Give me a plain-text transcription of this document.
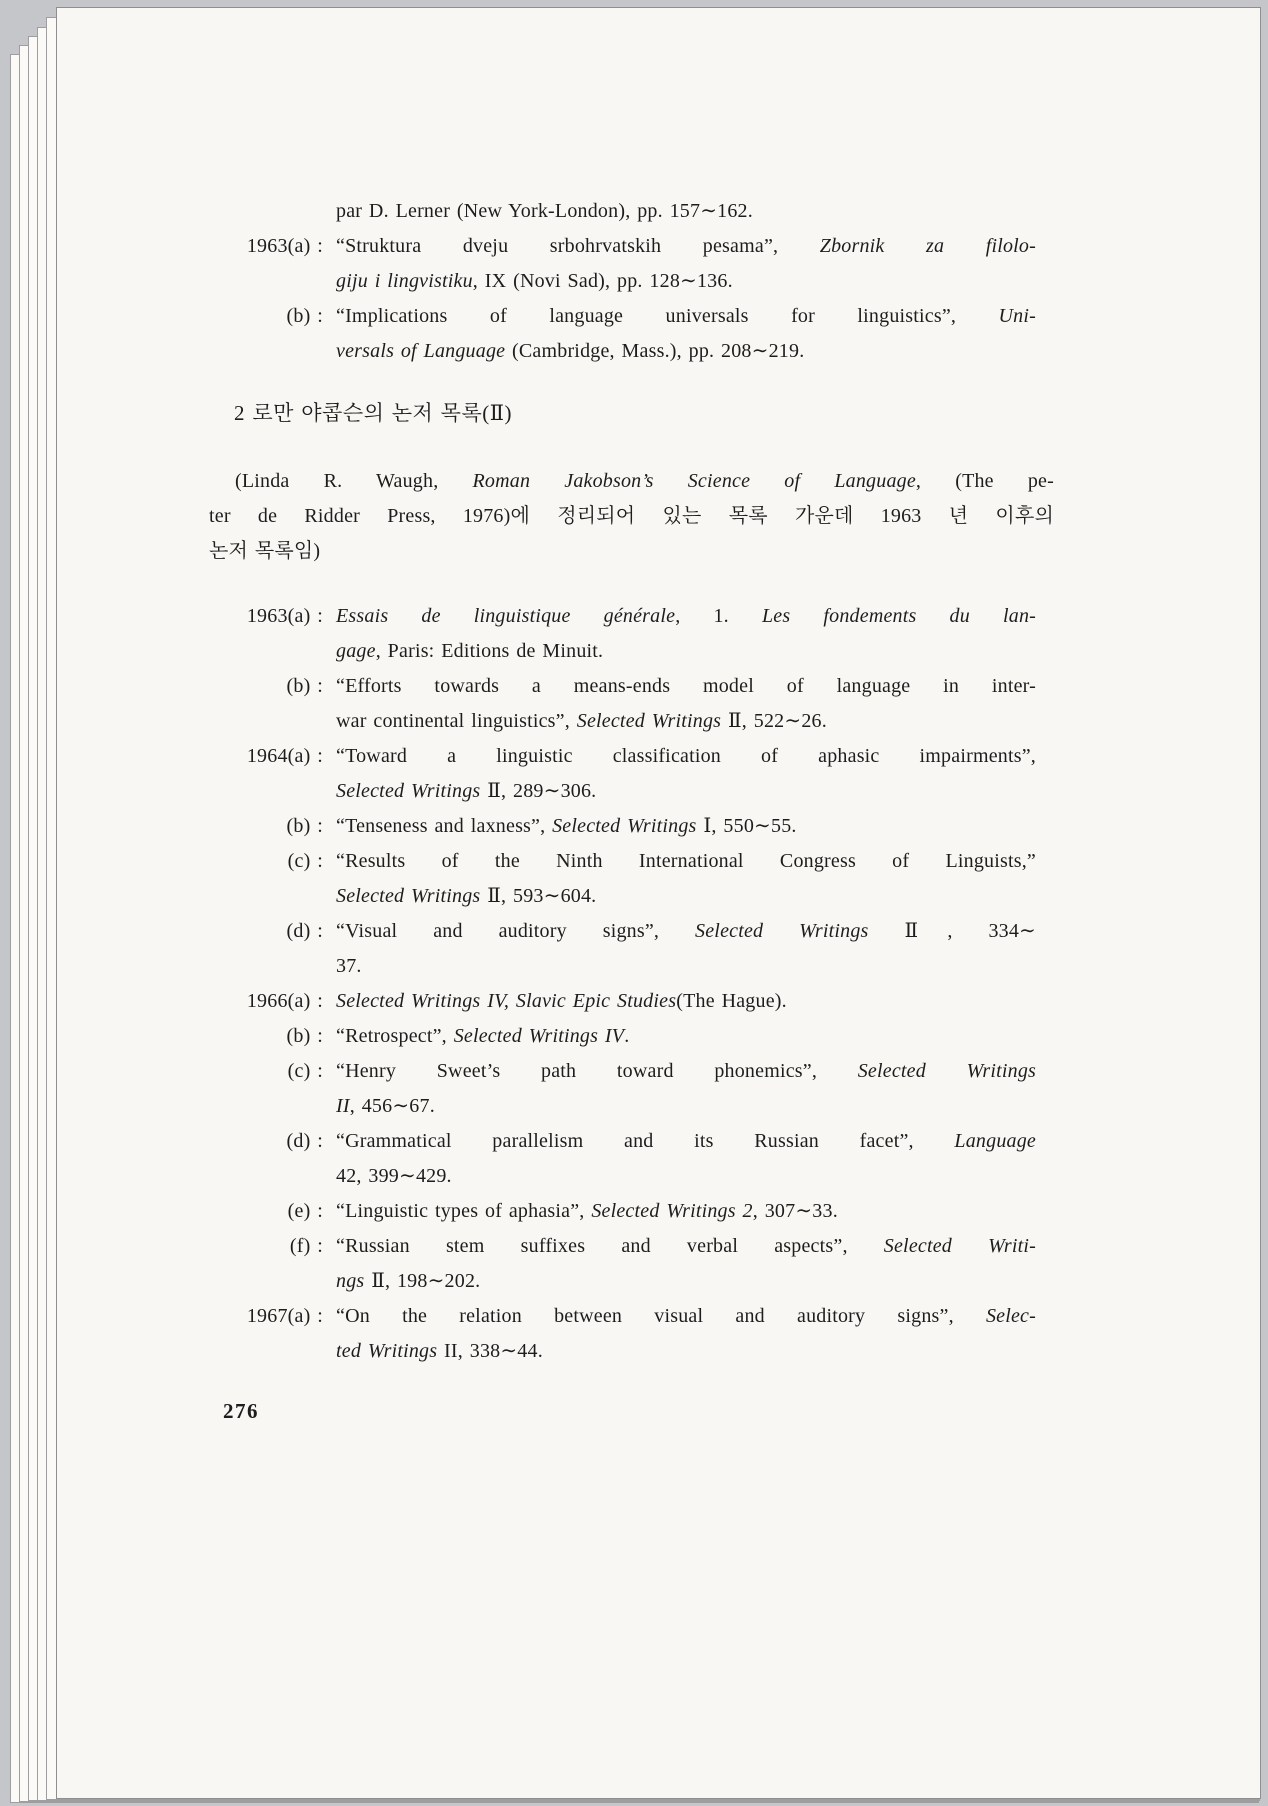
par D. Lerner (New York-London), pp. 157∼162.
1963(a) : “Struktura dveju srbohrvatskih pesama”, Zbornik za filolo-
giju i lingvistiku, IX (Novi Sad), pp. 128∼136.
(b) : “Implications of language universals for linguistics”, Uni-
versals of Language (Cambridge, Mass.), pp. 208∼219.
2 로만 야콥슨의 논저 목록(Ⅱ)

(Linda R. Waugh, Roman Jakobson’s Science of Language, (The pe-
ter de Ridder Press, 1976)에 정리되어 있는 목록 가운데 1963 년 이후의
논저 목록임)

1963(a) : Essais de linguistique générale, 1. Les fondements du lan-
gage, Paris: Editions de Minuit.
(b) : “Efforts towards a means-ends model of language in inter-
war continental linguistics”, Selected Writings Ⅱ, 522∼26.
1964(a) : “Toward a linguistic classification of aphasic impairments”,
Selected Writings Ⅱ, 289∼306.
(b) : “Tenseness and laxness”, Selected Writings Ⅰ, 550∼55.
(c) : “Results of the Ninth International Congress of Linguists,”
Selected Writings Ⅱ, 593∼604.
(d) : “Visual and auditory signs”, Selected Writings Ⅱ, 334∼
37.
1966(a) : Selected Writings IV, Slavic Epic Studies(The Hague).
(b) : “Retrospect”, Selected Writings IV.
(c) : “Henry Sweet’s path toward phonemics”, Selected Writings
II, 456∼67.
(d) : “Grammatical parallelism and its Russian facet”, Language
42, 399∼429.
(e) : “Linguistic types of aphasia”, Selected Writings 2, 307∼33.
(f) : “Russian stem suffixes and verbal aspects”, Selected Writi-
ngs Ⅱ, 198∼202.
1967(a) : “On the relation between visual and auditory signs”, Selec-
ted Writings II, 338∼44.
276
